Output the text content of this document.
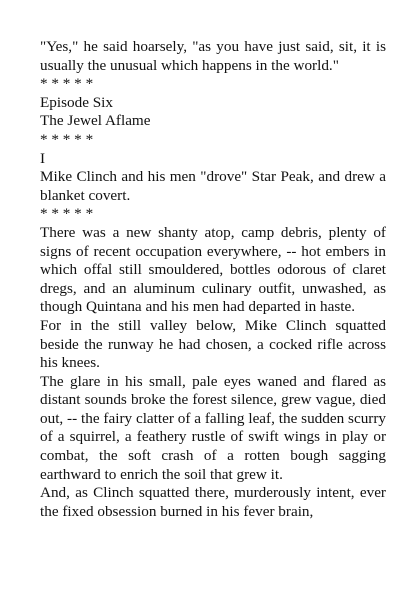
"Yes," he said hoarsely, "as you have just said, sit, it is usually the unusual which happens in the world."

* * * * *
Episode Six
The Jewel Aflame
* * * * *
I

Mike Clinch and his men "drove" Star Peak, and drew a blanket covert.

* * * * *

There was a new shanty atop, camp debris, plenty of signs of recent occupation everywhere, -- hot embers in which offal still smouldered, bottles odorous of claret dregs, and an aluminum culinary outfit, unwashed, as though Quintana and his men had departed in haste.

For in the still valley below, Mike Clinch squatted beside the runway he had chosen, a cocked rifle across his knees.

The glare in his small, pale eyes waned and flared as distant sounds broke the forest silence, grew vague, died out, -- the fairy clatter of a falling leaf, the sudden scurry of a squirrel, a feathery rustle of swift wings in play or combat, the soft crash of a rotten bough sagging earthward to enrich the soil that grew it.

And, as Clinch squatted there, murderously intent, ever the fixed obsession burned in his fever brain,
